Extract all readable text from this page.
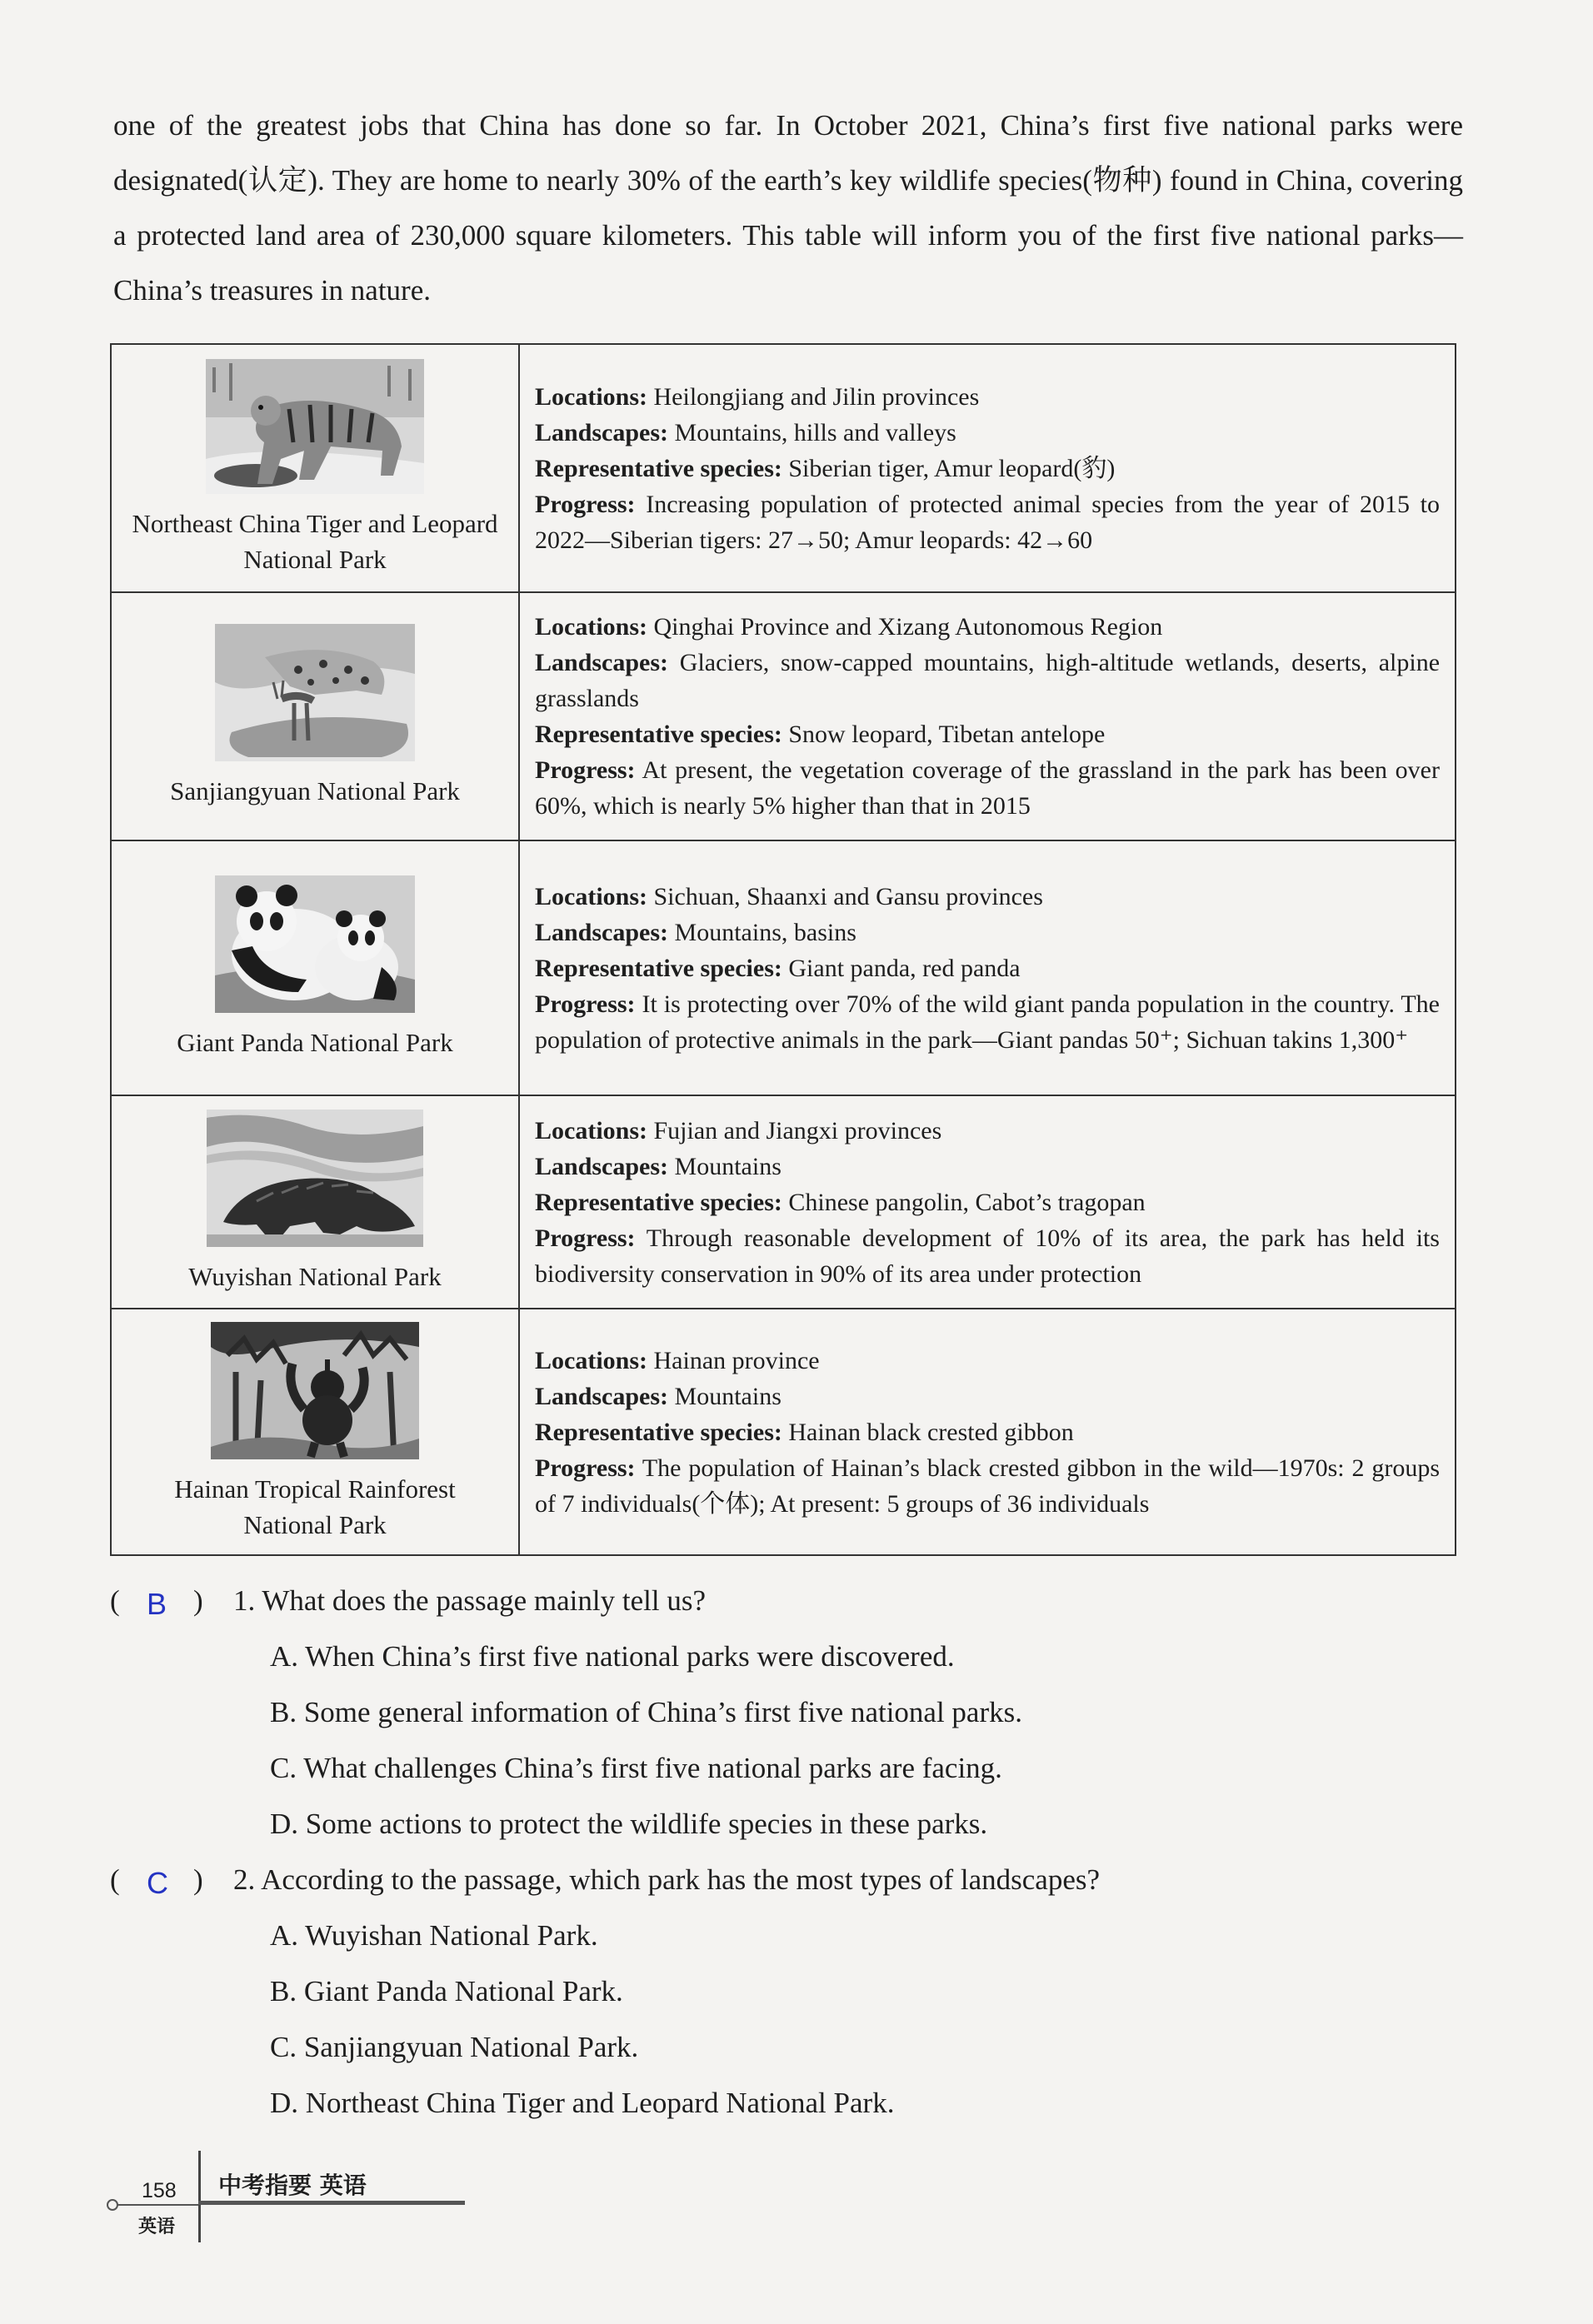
one of the greatest jobs that China has done so far. In October 2021, China’s first five national parks were designated(认定). They are home to nearly 30% of the earth’s key wildlife species(物种) found in China, covering a protected land area of 230,000 square kilometers. This table will inform you of the first five national parks—China’s treasures in nature.

Northeast China Tiger and Leopard National Park	Locations: Heilongjiang and Jilin provinces
Landscapes: Mountains, hills and valleys
Representative species: Siberian tiger, Amur leopard(豹)
Progress: Increasing population of protected animal species from the year of 2015 to 2022—Siberian tigers: 27→50; Amur leopards: 42→60

Sanjiangyuan National Park	Locations: Qinghai Province and Xizang Autonomous Region
Landscapes: Glaciers, snow-capped mountains, high-altitude wetlands, deserts, alpine grasslands
Representative species: Snow leopard, Tibetan antelope
Progress: At present, the vegetation coverage of the grassland in the park has been over 60%, which is nearly 5% higher than that in 2015

Giant Panda National Park	Locations: Sichuan, Shaanxi and Gansu provinces
Landscapes: Mountains, basins
Representative species: Giant panda, red panda
Progress: It is protecting over 70% of the wild giant panda population in the country. The population of protective animals in the park—Giant pandas 50⁺; Sichuan takins 1,300⁺

Wuyishan National Park	Locations: Fujian and Jiangxi provinces
Landscapes: Mountains
Representative species: Chinese pangolin, Cabot’s tragopan
Progress: Through reasonable development of 10% of its area, the park has held its biodiversity conservation in 90% of its area under protection

Hainan Tropical Rainforest National Park	Locations: Hainan province
Landscapes: Mountains
Representative species: Hainan black crested gibbon
Progress: The population of Hainan’s black crested gibbon in the wild—1970s: 2 groups of 7 individuals(个体); At present: 5 groups of 36 individuals
( B ) 1. What does the passage mainly tell us?
A. When China’s first five national parks were discovered.
B. Some general information of China’s first five national parks.
C. What challenges China’s first five national parks are facing.
D. Some actions to protect the wildlife species in these parks.
( C ) 2. According to the passage, which park has the most types of landscapes?
A. Wuyishan National Park.
B. Giant Panda National Park.
C. Sanjiangyuan National Park.
D. Northeast China Tiger and Leopard National Park.
158 中考指要 英语
英语
